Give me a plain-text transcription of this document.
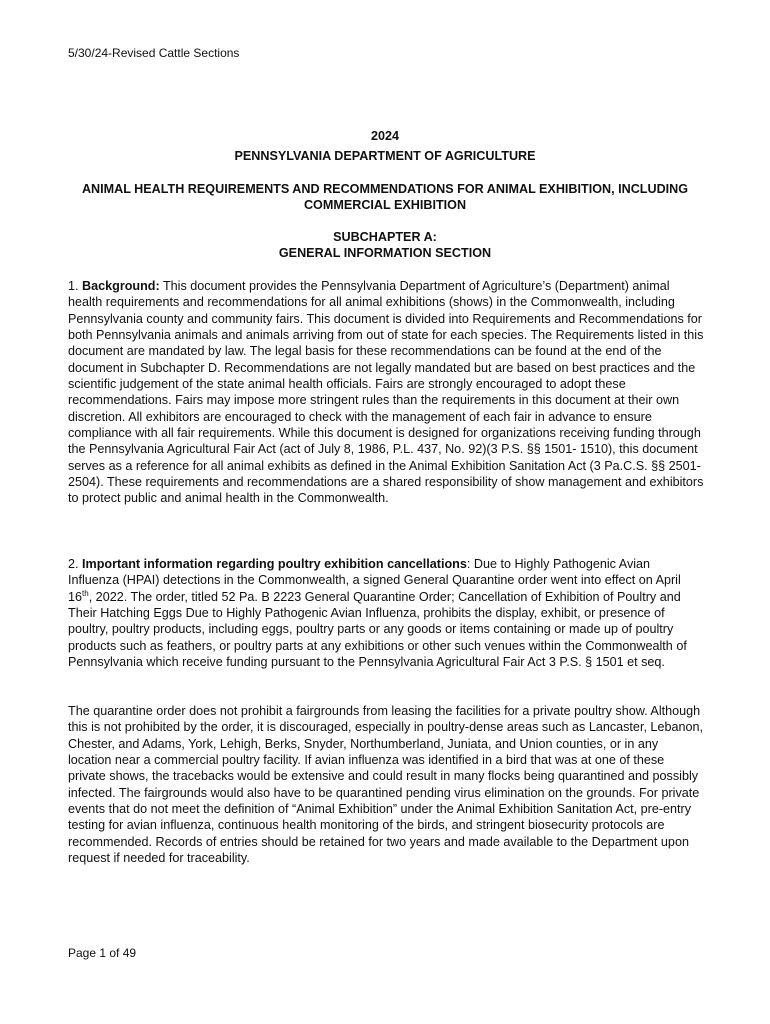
5/30/24-Revised Cattle Sections
2024
PENNSYLVANIA DEPARTMENT OF AGRICULTURE
ANIMAL HEALTH REQUIREMENTS AND RECOMMENDATIONS FOR ANIMAL EXHIBITION, INCLUDING COMMERCIAL EXHIBITION
SUBCHAPTER A:
GENERAL INFORMATION SECTION

1. Background: This document provides the Pennsylvania Department of Agriculture’s (Department) animal health requirements and recommendations for all animal exhibitions (shows) in the Commonwealth, including Pennsylvania county and community fairs. This document is divided into Requirements and Recommendations for both Pennsylvania animals and animals arriving from out of state for each species. The Requirements listed in this document are mandated by law. The legal basis for these recommendations can be found at the end of the document in Subchapter D. Recommendations are not legally mandated but are based on best practices and the scientific judgement of the state animal health officials. Fairs are strongly encouraged to adopt these recommendations. Fairs may impose more stringent rules than the requirements in this document at their own discretion. All exhibitors are encouraged to check with the management of each fair in advance to ensure compliance with all fair requirements. While this document is designed for organizations receiving funding through the Pennsylvania Agricultural Fair Act (act of July 8, 1986, P.L. 437, No. 92)(3 P.S. §§ 1501- 1510), this document serves as a reference for all animal exhibits as defined in the Animal Exhibition Sanitation Act (3 Pa.C.S. §§ 2501-2504). These requirements and recommendations are a shared responsibility of show management and exhibitors to protect public and animal health in the Commonwealth.

2. Important information regarding poultry exhibition cancellations: Due to Highly Pathogenic Avian Influenza (HPAI) detections in the Commonwealth, a signed General Quarantine order went into effect on April 16th, 2022. The order, titled 52 Pa. B 2223 General Quarantine Order; Cancellation of Exhibition of Poultry and Their Hatching Eggs Due to Highly Pathogenic Avian Influenza, prohibits the display, exhibit, or presence of poultry, poultry products, including eggs, poultry parts or any goods or items containing or made up of poultry products such as feathers, or poultry parts at any exhibitions or other such venues within the Commonwealth of Pennsylvania which receive funding pursuant to the Pennsylvania Agricultural Fair Act 3 P.S. § 1501 et seq.

The quarantine order does not prohibit a fairgrounds from leasing the facilities for a private poultry show. Although this is not prohibited by the order, it is discouraged, especially in poultry-dense areas such as Lancaster, Lebanon, Chester, and Adams, York, Lehigh, Berks, Snyder, Northumberland, Juniata, and Union counties, or in any location near a commercial poultry facility. If avian influenza was identified in a bird that was at one of these private shows, the tracebacks would be extensive and could result in many flocks being quarantined and possibly infected. The fairgrounds would also have to be quarantined pending virus elimination on the grounds. For private events that do not meet the definition of “Animal Exhibition” under the Animal Exhibition Sanitation Act, pre-entry testing for avian influenza, continuous health monitoring of the birds, and stringent biosecurity protocols are recommended. Records of entries should be retained for two years and made available to the Department upon request if needed for traceability.

Page 1 of 49
